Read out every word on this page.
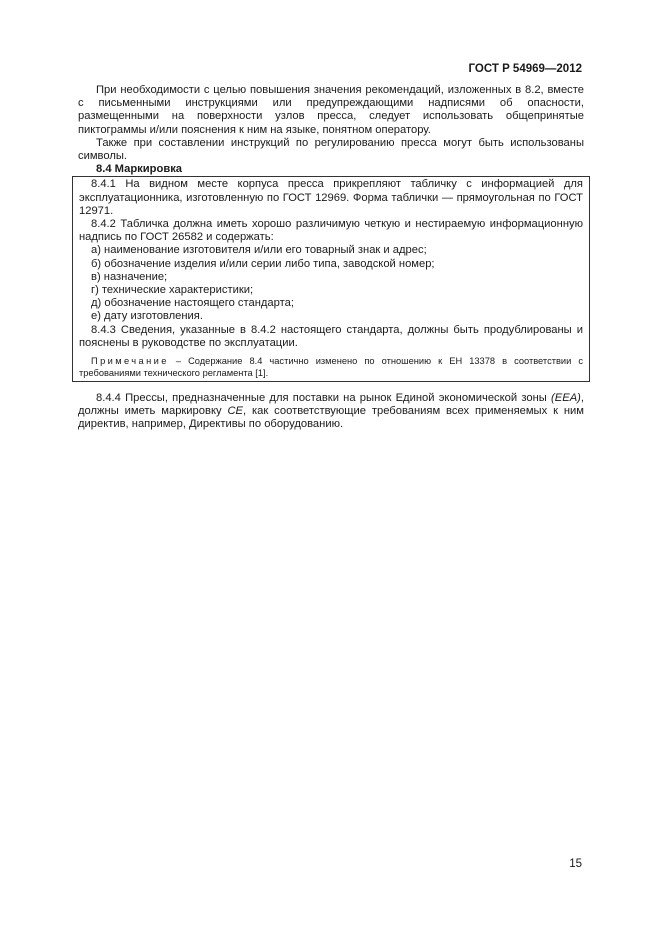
ГОСТ Р 54969—2012

При необходимости с целью повышения значения рекомендаций, изложенных в 8.2, вместе с письменными инструкциями или предупреждающими надписями об опасности, размещенными на поверхности узлов пресса, следует использовать общепринятые пиктограммы и/или пояснения к ним на языке, понятном оператору.

Также при составлении инструкций по регулированию пресса могут быть использованы символы.

8.4 Маркировка

8.4.1 На видном месте корпуса пресса прикрепляют табличку с информацией для эксплуатационника, изготовленную по ГОСТ 12969. Форма таблички — прямоугольная по ГОСТ 12971.

8.4.2 Табличка должна иметь хорошо различимую четкую и нестираемую информационную надпись по ГОСТ 26582 и содержать:

а) наименование изготовителя и/или его товарный знак и адрес;

б) обозначение изделия и/или серии либо типа, заводской номер;

в) назначение;

г) технические характеристики;

д) обозначение настоящего стандарта;

е) дату изготовления.

8.4.3 Сведения, указанные в 8.4.2 настоящего стандарта, должны быть продублированы и пояснены в руководстве по эксплуатации.

Примечание – Содержание 8.4 частично изменено по отношению к ЕН 13378 в соответствии с требованиями технического регламента [1].

8.4.4 Прессы, предназначенные для поставки на рынок Единой экономической зоны (ЕЕА), должны иметь маркировку CE, как соответствующие требованиям всех применяемых к ним директив, например, Директивы по оборудованию.

15
